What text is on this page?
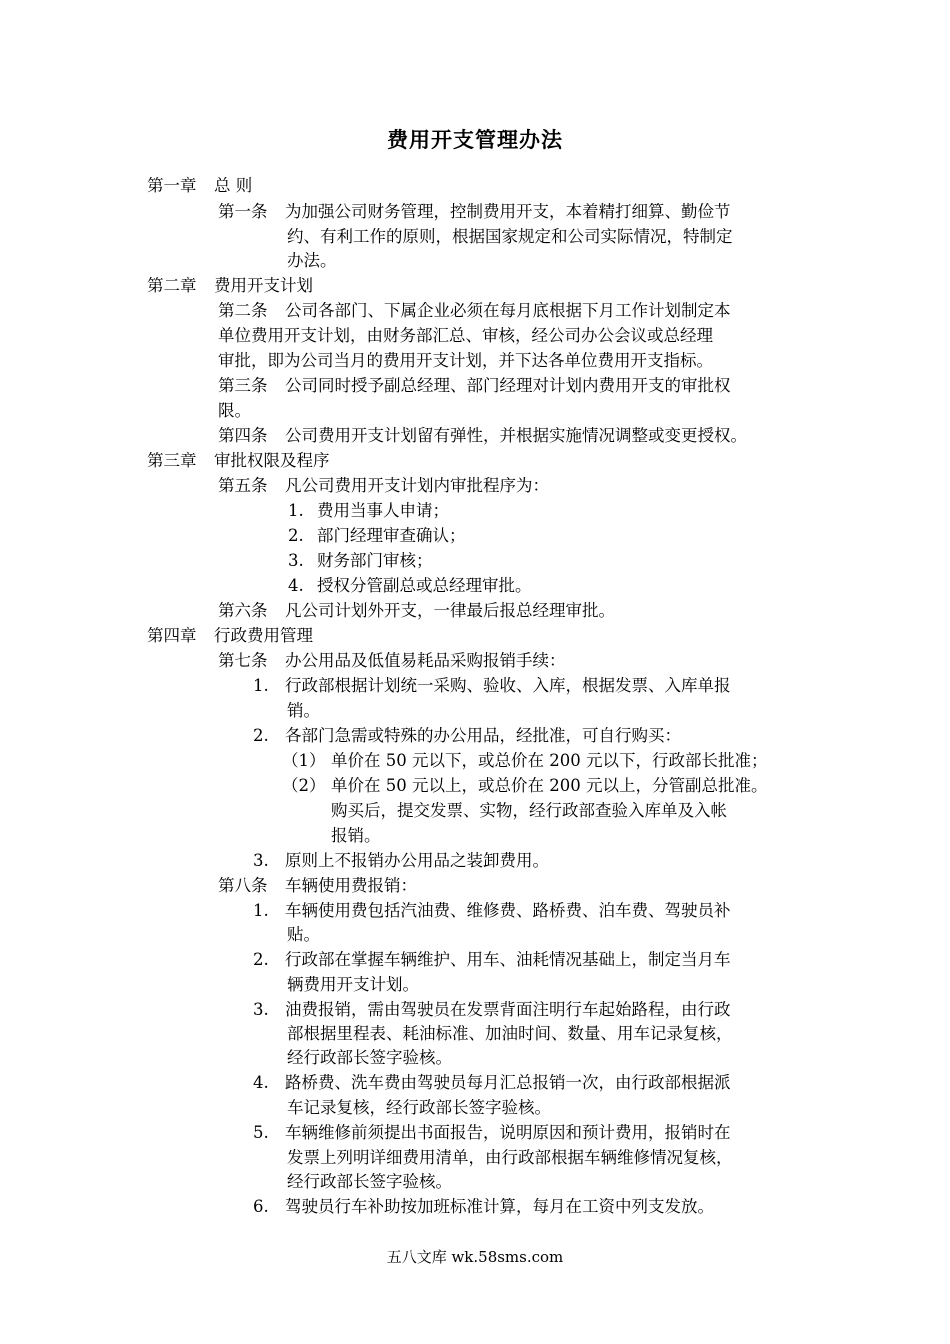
费用开支管理办法
第一章 总 则
第一条 为加强公司财务管理，控制费用开支，本着精打细算、勤俭节
约、有利工作的原则，根据国家规定和公司实际情况，特制定
办法。
第二章 费用开支计划
第二条 公司各部门、下属企业必须在每月底根据下月工作计划制定本
单位费用开支计划，由财务部汇总、审核，经公司办公会议或总经理
审批，即为公司当月的费用开支计划，并下达各单位费用开支指标。
第三条 公司同时授予副总经理、部门经理对计划内费用开支的审批权
限。
第四条 公司费用开支计划留有弹性，并根据实施情况调整或变更授权。
第三章 审批权限及程序
第五条 凡公司费用开支计划内审批程序为：
1. 费用当事人申请；
2. 部门经理审查确认；
3. 财务部门审核；
4. 授权分管副总或总经理审批。
第六条 凡公司计划外开支，一律最后报总经理审批。
第四章 行政费用管理
第七条 办公用品及低值易耗品采购报销手续：
1. 行政部根据计划统一采购、验收、入库，根据发票、入库单报
销。
2. 各部门急需或特殊的办公用品，经批准，可自行购买：
（1） 单价在 50 元以下，或总价在 200 元以下，行政部长批准；
（2） 单价在 50 元以上，或总价在 200 元以上，分管副总批准。
购买后，提交发票、实物，经行政部查验入库单及入帐
报销。
3. 原则上不报销办公用品之装卸费用。
第八条 车辆使用费报销：
1. 车辆使用费包括汽油费、维修费、路桥费、泊车费、驾驶员补
贴。
2. 行政部在掌握车辆维护、用车、油耗情况基础上，制定当月车
辆费用开支计划。
3. 油费报销，需由驾驶员在发票背面注明行车起始路程，由行政
部根据里程表、耗油标准、加油时间、数量、用车记录复核，
经行政部长签字验核。
4. 路桥费、洗车费由驾驶员每月汇总报销一次，由行政部根据派
车记录复核，经行政部长签字验核。
5. 车辆维修前须提出书面报告，说明原因和预计费用，报销时在
发票上列明详细费用清单，由行政部根据车辆维修情况复核，
经行政部长签字验核。
6. 驾驶员行车补助按加班标准计算，每月在工资中列支发放。
五八文库 wk.58sms.com
